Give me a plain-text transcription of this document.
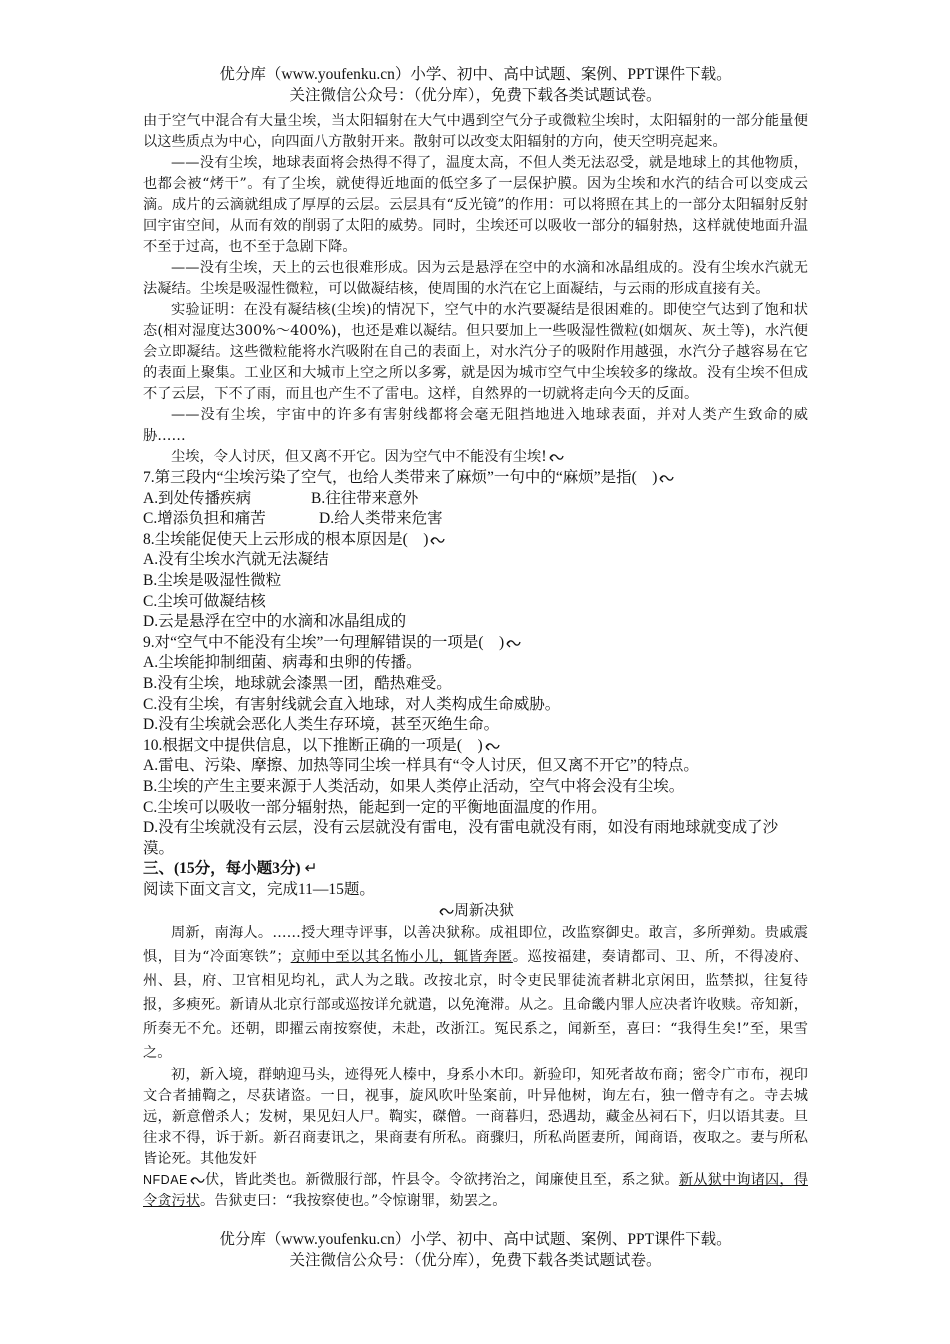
优分库（www.youfenku.cn）小学、初中、高中试题、案例、PPT课件下载。
关注微信公众号：（优分库），免费下载各类试题试卷。

由于空气中混合有大量尘埃，当太阳辐射在大气中遇到空气分子或微粒尘埃时，太阳辐射的一部分能量便以这些质点为中心，向四面八方散射开来。散射可以改变太阳辐射的方向，使天空明亮起来。

——没有尘埃，地球表面将会热得不得了，温度太高，不但人类无法忍受，就是地球上的其他物质，也都会被“烤干”。有了尘埃，就使得近地面的低空多了一层保护膜。因为尘埃和水汽的结合可以变成云滴。成片的云滴就组成了厚厚的云层。云层具有“反光镜”的作用：可以将照在其上的一部分太阳辐射反射回宇宙空间，从而有效的削弱了太阳的威势。同时，尘埃还可以吸收一部分的辐射热，这样就使地面升温不至于过高，也不至于急剧下降。

——没有尘埃，天上的云也很难形成。因为云是悬浮在空中的水滴和冰晶组成的。没有尘埃水汽就无法凝结。尘埃是吸湿性微粒，可以做凝结核，使周围的水汽在它上面凝结，与云雨的形成直接有关。

实验证明：在没有凝结核(尘埃)的情况下，空气中的水汽要凝结是很困难的。即使空气达到了饱和状态(相对湿度达300%～400%)，也还是难以凝结。但只要加上一些吸湿性微粒(如烟灰、灰土等)，水汽便会立即凝结。这些微粒能将水汽吸附在自己的表面上，对水汽分子的吸附作用越强，水汽分子越容易在它的表面上聚集。工业区和大城市上空之所以多雾，就是因为城市空气中尘埃较多的缘故。没有尘埃不但成不了云层，下不了雨，而且也产生不了雷电。这样，自然界的一切就将走向今天的反面。

——没有尘埃，宇宙中的许多有害射线都将会毫无阻挡地进入地球表面，并对人类产生致命的威胁……

尘埃，令人讨厌，但又离不开它。因为空气中不能没有尘埃!

7.第三段内“尘埃污染了空气，也给人类带来了麻烦”一句中的“麻烦”是指(　)

A.到处传播疾病	B.往往带来意外

C.增添负担和痛苦	D.给人类带来危害

8.尘埃能促使天上云形成的根本原因是(　)

A.没有尘埃水汽就无法凝结

B.尘埃是吸湿性微粒

C.尘埃可做凝结核

D.云是悬浮在空中的水滴和冰晶组成的

9.对“空气中不能没有尘埃”一句理解错误的一项是(　)

A.尘埃能抑制细菌、病毒和虫卵的传播。

B.没有尘埃，地球就会漆黑一团，酷热难受。

C.没有尘埃，有害射线就会直入地球，对人类构成生命威胁。

D.没有尘埃就会恶化人类生存环境，甚至灭绝生命。

10.根据文中提供信息，以下推断正确的一项是(　)

A.雷电、污染、摩擦、加热等同尘埃一样具有“令人讨厌，但又离不开它”的特点。

B.尘埃的产生主要来源于人类活动，如果人类停止活动，空气中将会没有尘埃。

C.尘埃可以吸收一部分辐射热，能起到一定的平衡地面温度的作用。

D.没有尘埃就没有云层，没有云层就没有雷电，没有雷电就没有雨，如没有雨地球就变成了沙漠。

三、(15分，每小题3分) ↵

阅读下面文言文，完成11—15题。

周新决狱

周新，南海人。……授大理寺评事，以善决狱称。成祖即位，改监察御史。敢言，多所弹劾。贵戚震惧，目为“冷面寒铁”；京师中至以其名怖小儿，辄皆奔匿。巡按福建，奏请都司、卫、所，不得凌府、州、县，府、卫官相见均礼，武人为之戢。改按北京，时令吏民罪徒流者耕北京闲田，监禁拟，往复待报，多瘐死。新请从北京行部或巡按详允就遣，以免淹滞。从之。且命畿内罪人应决者许收赎。帝知新，所奏无不允。还朝，即擢云南按察使，未赴，改浙江。冤民系之，闻新至，喜曰：“我得生矣!”至，果雪之。

初，新入境，群蚋迎马头，迹得死人榛中，身系小木印。新验印，知死者故布商；密令广市布，视印文合者捕鞫之，尽获诸盗。一日，视事，旋风吹叶坠案前，叶异他树，询左右，独一僧寺有之。寺去城远，新意僧杀人；发树，果见妇人尸。鞫实，磔僧。一商暮归，恐遇劫，藏金丛祠石下，归以语其妻。旦往求不得，诉于新。新召商妻讯之，果商妻有所私。商骤归，所私尚匿妻所，闻商语，夜取之。妻与所私皆论死。其他发奸
NFDAE 伏，皆此类也。新微服行部，忤县令。令欲拷治之，闻廉使且至，系之狱。新从狱中询诸囚，得令贪污状。告狱吏曰：“我按察使也。”令惊谢罪，劾罢之。

优分库（www.youfenku.cn）小学、初中、高中试题、案例、PPT课件下载。
关注微信公众号：（优分库），免费下载各类试题试卷。
